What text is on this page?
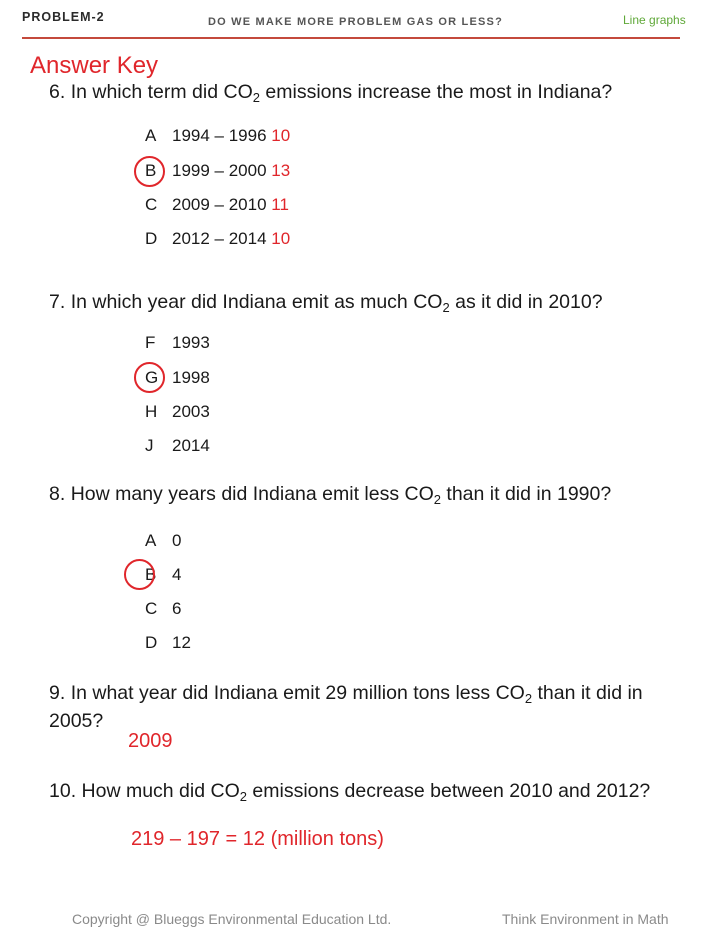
PROBLEM-2	DO WE MAKE MORE PROBLEM GAS OR LESS?	Line graphs
Answer Key
6. In which term did $CO_2$ emissions increase the most in Indiana?
A 1994 – 1996 10
B 1999 – 2000 13
C 2009 – 2010 11
D 2012 – 2014 10
7. In which year did Indiana emit as much $CO_2$ as it did in 2010?
F 1993
G 1998
H 2003
J 2014
8. How many years did Indiana emit less $CO_2$ than it did in 1990?
A 0
B 4
C 6
D 12
9. In what year did Indiana emit 29 million tons less $CO_2$ than it did in 2005?
2009
10. How much did $CO_2$ emissions decrease between 2010 and 2012?
219 – 197 = 12 (million tons)
Copyright @ Blueggs Environmental Education Ltd.	Think Environment in Math
